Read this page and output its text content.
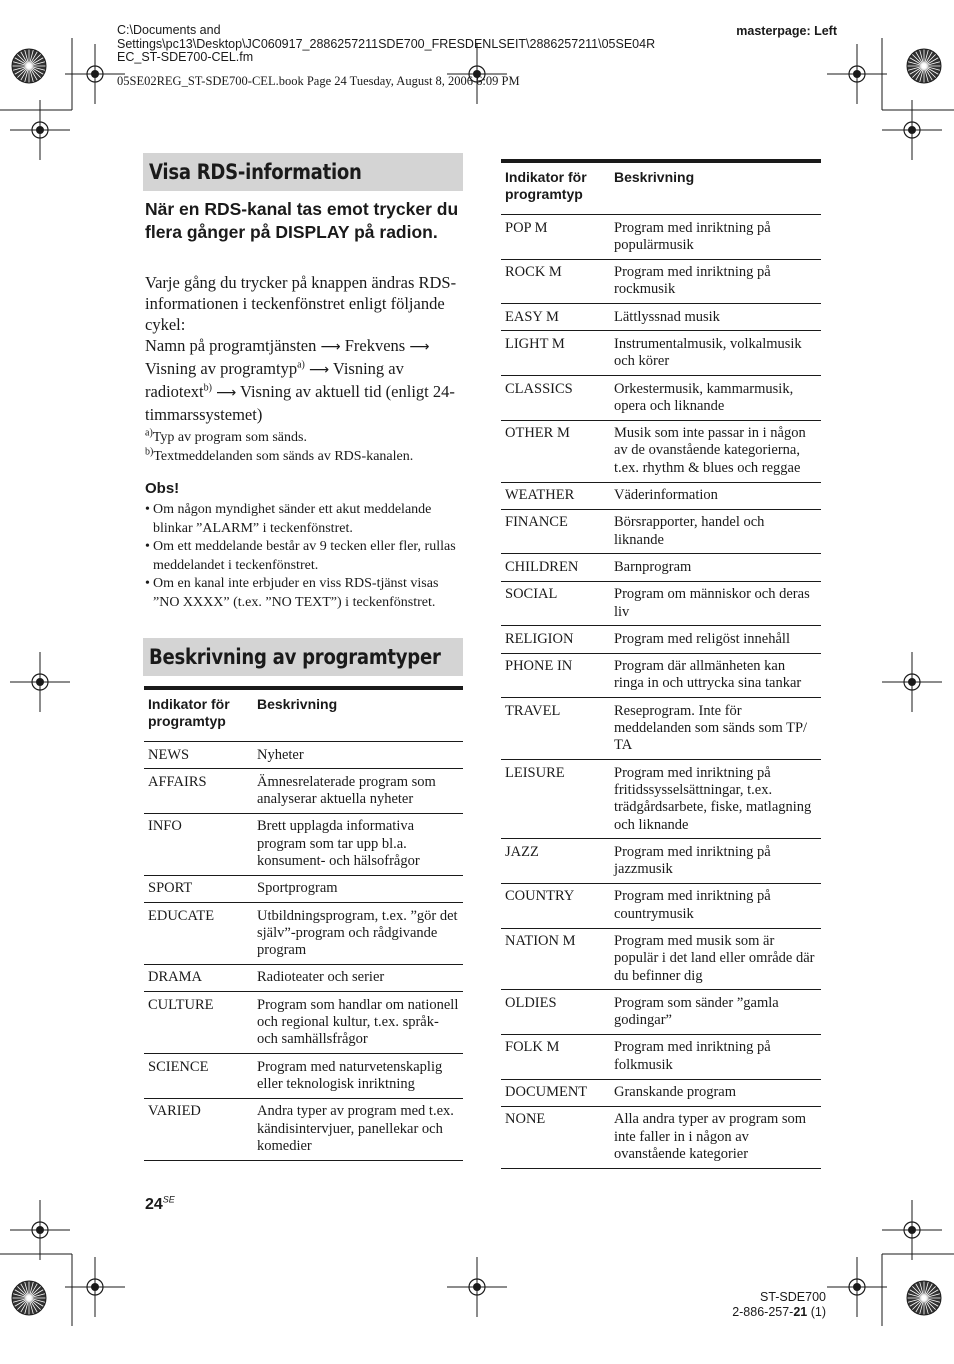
C:\Documents and
Settings\pc13\Desktop\JC060917_2886257211SDE700_FRESDENLSEIT\2886257211\05SE04R
EC_ST-SDE700-CEL.fm
masterpage: Left
05SE02REG_ST-SDE700-CEL.book Page 24 Tuesday, August 8, 2006 6:09 PM
Visa RDS-information
När en RDS-kanal tas emot trycker du flera gånger på DISPLAY på radion.

Varje gång du trycker på knappen ändras RDS-informationen i teckenfönstret enligt följande cykel:

Namn på programtjänsten ⟶ Frekvens ⟶ Visning av programtyp$^{a)}$ ⟶ Visning av radiotext$^{b)}$ ⟶ Visning av aktuell tid (enligt 24-timmarssystemet)

$^{a)}$Typ av program som sänds.
$^{b)}$Textmeddelanden som sänds av RDS-kanalen.
Obs!
• Om någon myndighet sänder ett akut meddelande blinkar ”ALARM” i teckenfönstret.
• Om ett meddelande består av 9 tecken eller fler, rullas meddelandet i teckenfönstret.
• Om en kanal inte erbjuder en viss RDS-tjänst visas ”NO XXXX” (t.ex. ”NO TEXT”) i teckenfönstret.
Beskrivning av programtyper
Indikator för programtyp	Beskrivning
NEWS	Nyheter
AFFAIRS	Ämnesrelaterade program som analyserar aktuella nyheter
INFO	Brett upplagda informativa program som tar upp bl.a. konsument- och hälsofrågor
SPORT	Sportprogram
EDUCATE	Utbildningsprogram, t.ex. ”gör det själv”-program och rådgivande program
DRAMA	Radioteater och serier
CULTURE	Program som handlar om nationell och regional kultur, t.ex. språk- och samhällsfrågor
SCIENCE	Program med naturvetenskaplig eller teknologisk inriktning
VARIED	Andra typer av program med t.ex. kändisintervjuer, panellekar och komedier
Indikator för programtyp	Beskrivning
POP M	Program med inriktning på populärmusik
ROCK M	Program med inriktning på rockmusik
EASY M	Lättlyssnad musik
LIGHT M	Instrumentalmusik, volkalmusik och körer
CLASSICS	Orkestermusik, kammarmusik, opera och liknande
OTHER M	Musik som inte passar in i någon av de ovanstående kategorierna, t.ex. rhythm & blues och reggae
WEATHER	Väderinformation
FINANCE	Börsrapporter, handel och liknande
CHILDREN	Barnprogram
SOCIAL	Program om människor och deras liv
RELIGION	Program med religöst innehåll
PHONE IN	Program där allmänheten kan ringa in och uttrycka sina tankar
TRAVEL	Reseprogram. Inte för meddelanden som sänds som TP/ TA
LEISURE	Program med inriktning på fritidssysselsättningar, t.ex. trädgårdsarbete, fiske, matlagning och liknande
JAZZ	Program med inriktning på jazzmusik
COUNTRY	Program med inriktning på countrymusik
NATION M	Program med musik som är populär i det land eller område där du befinner dig
OLDIES	Program som sänder ”gamla godingar”
FOLK M	Program med inriktning på folkmusik
DOCUMENT	Granskande program
NONE	Alla andra typer av program som inte faller in i någon av ovanstående kategorier
$24^{SE}$
ST-SDE700
2-886-257-21 (1)
